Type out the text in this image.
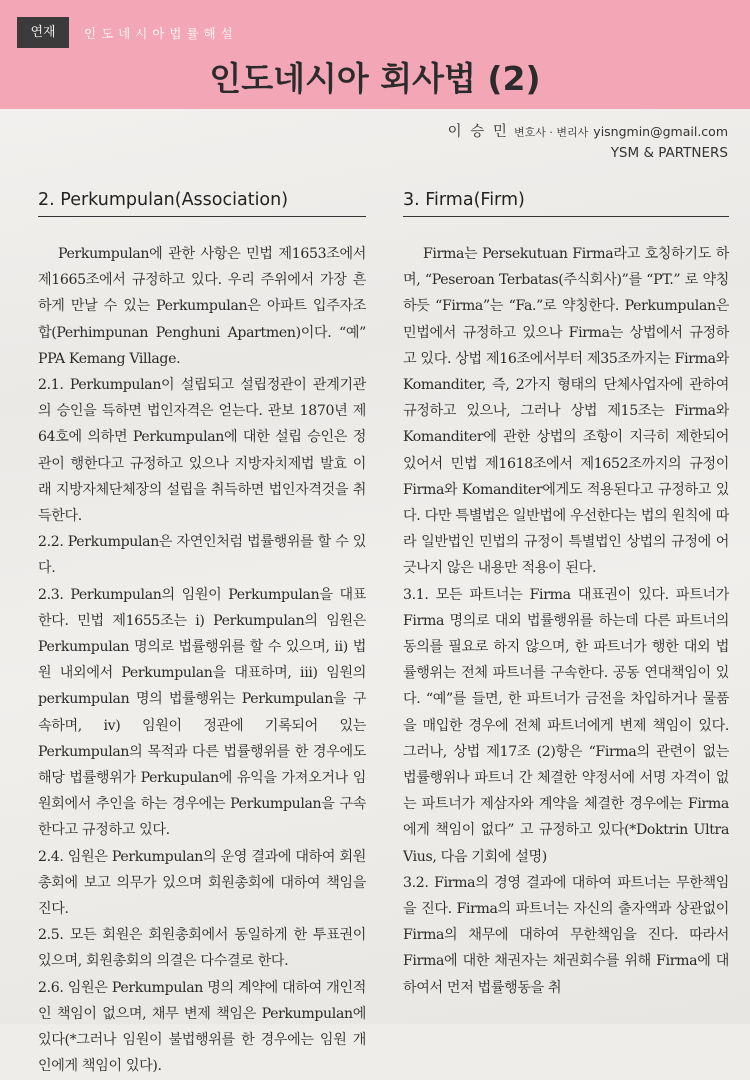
연재	인도네시아법률해설
인도네시아 회사법 (2)
이 승 민 변호사 · 변리사 yisngmin@gmail.com
YSM & PARTNERS
2. Perkumpulan(Association)

Perkumpulan에 관한 사항은 민법 제1653조에서 제1665조에서 규정하고 있다. 우리 주위에서 가장 흔하게 만날 수 있는 Perkumpulan은 아파트 입주자조합(Perhimpunan Penghuni Apartmen)이다. “예” PPA Kemang Village.

2.1. Perkumpulan이 설립되고 설립정관이 관계기관의 승인을 득하면 법인자격은 얻는다. 관보 1870년 제 64호에 의하면 Perkumpulan에 대한 설립 승인은 정관이 행한다고 규정하고 있으나 지방자치제법 발효 이래 지방자체단체장의 설립을 취득하면 법인자격것을 취득한다.

2.2. Perkumpulan은 자연인처럼 법률행위를 할 수 있다.

2.3. Perkumpulan의 임원이 Perkumpulan을 대표한다. 민법 제1655조는 i) Perkumpulan의 임원은 Perkumpulan 명의로 법률행위를 할 수 있으며, ii) 법원 내외에서 Perkumpulan을 대표하며, iii) 임원의 perkumpulan 명의 법률행위는 Perkumpulan을 구속하며, iv) 임원이 정관에 기록되어 있는 Perkumpulan의 목적과 다른 법률행위를 한 경우에도 해당 법률행위가 Perkupulan에 유익을 가져오거나 임원회에서 추인을 하는 경우에는 Perkumpulan을 구속한다고 규정하고 있다.

2.4. 임원은 Perkumpulan의 운영 결과에 대하여 회원총회에 보고 의무가 있으며 회원총회에 대하여 책임을 진다.

2.5. 모든 회원은 회원총회에서 동일하게 한 투표권이 있으며, 회원총회의 의결은 다수결로 한다.

2.6. 임원은 Perkumpulan 명의 계약에 대하여 개인적인 책임이 없으며, 채무 변제 책임은 Perkumpulan에 있다(*그러나 임원이 불법행위를 한 경우에는 임원 개인에게 책임이 있다).

3. Firma(Firm)

Firma는 Persekutuan Firma라고 호칭하기도 하며, “Peseroan Terbatas(주식회사)”를 “PT.” 로 약칭하듯 “Firma”는 “Fa.”로 약칭한다. Perkumpulan은 민법에서 규정하고 있으나 Firma는 상법에서 규정하고 있다. 상법 제16조에서부터 제35조까지는 Firma와 Komanditer, 즉, 2가지 형태의 단체사업자에 관하여 규정하고 있으나, 그러나 상법 제15조는 Firma와 Komanditer에 관한 상법의 조항이 지극히 제한되어 있어서 민법 제1618조에서 제1652조까지의 규정이 Firma와 Komanditer에게도 적용된다고 규정하고 있다. 다만 특별법은 일반법에 우선한다는 법의 원칙에 따라 일반법인 민법의 규정이 특별법인 상법의 규정에 어긋나지 않은 내용만 적용이 된다.

3.1. 모든 파트너는 Firma 대표권이 있다. 파트너가 Firma 명의로 대외 법률행위를 하는데 다른 파트너의 동의를 필요로 하지 않으며, 한 파트너가 행한 대외 법률행위는 전체 파트너를 구속한다. 공동 연대책임이 있다. “예”를 들면, 한 파트너가 금전을 차입하거나 물품을 매입한 경우에 전체 파트너에게 변제 책임이 있다. 그러나, 상법 제17조 (2)항은 “Firma의 관련이 없는 법률행위나 파트너 간 체결한 약정서에 서명 자격이 없는 파트너가 제삼자와 계약을 체결한 경우에는 Firma에게 책임이 없다” 고 규정하고 있다(*Doktrin Ultra Vius, 다음 기회에 설명)

3.2. Firma의 경영 결과에 대하여 파트너는 무한책임을 진다. Firma의 파트너는 자신의 출자액과 상관없이 Firma의 채무에 대하여 무한책임을 진다. 따라서 Firma에 대한 채권자는 채권회수를 위해 Firma에 대하여서 먼저 법률행동을 취
